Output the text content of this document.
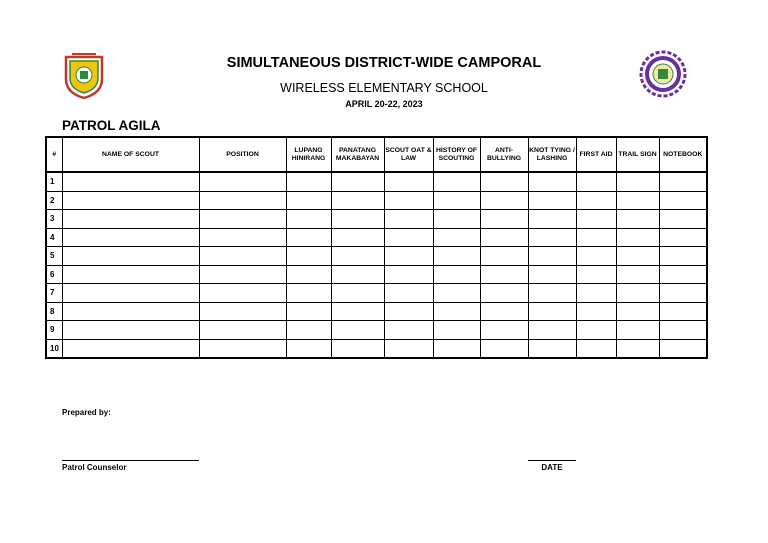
SIMULTANEOUS DISTRICT-WIDE CAMPORAL
WIRELESS ELEMENTARY SCHOOL
APRIL 20-22, 2023
PATROL AGILA
#	NAME OF SCOUT	POSITION	LUPANG HINIRANG	PANATANG MAKABAYAN	SCOUT OAT & LAW	HISTORY OF SCOUTING	ANTI-BULLYING	KNOT TYING / LASHING	FIRST AID	TRAIL SIGN	NOTEBOOK
1											
2											
3											
4											
5											
6											
7											
8											
9											
10											
Prepared by:
Patrol Counselor	DATE
